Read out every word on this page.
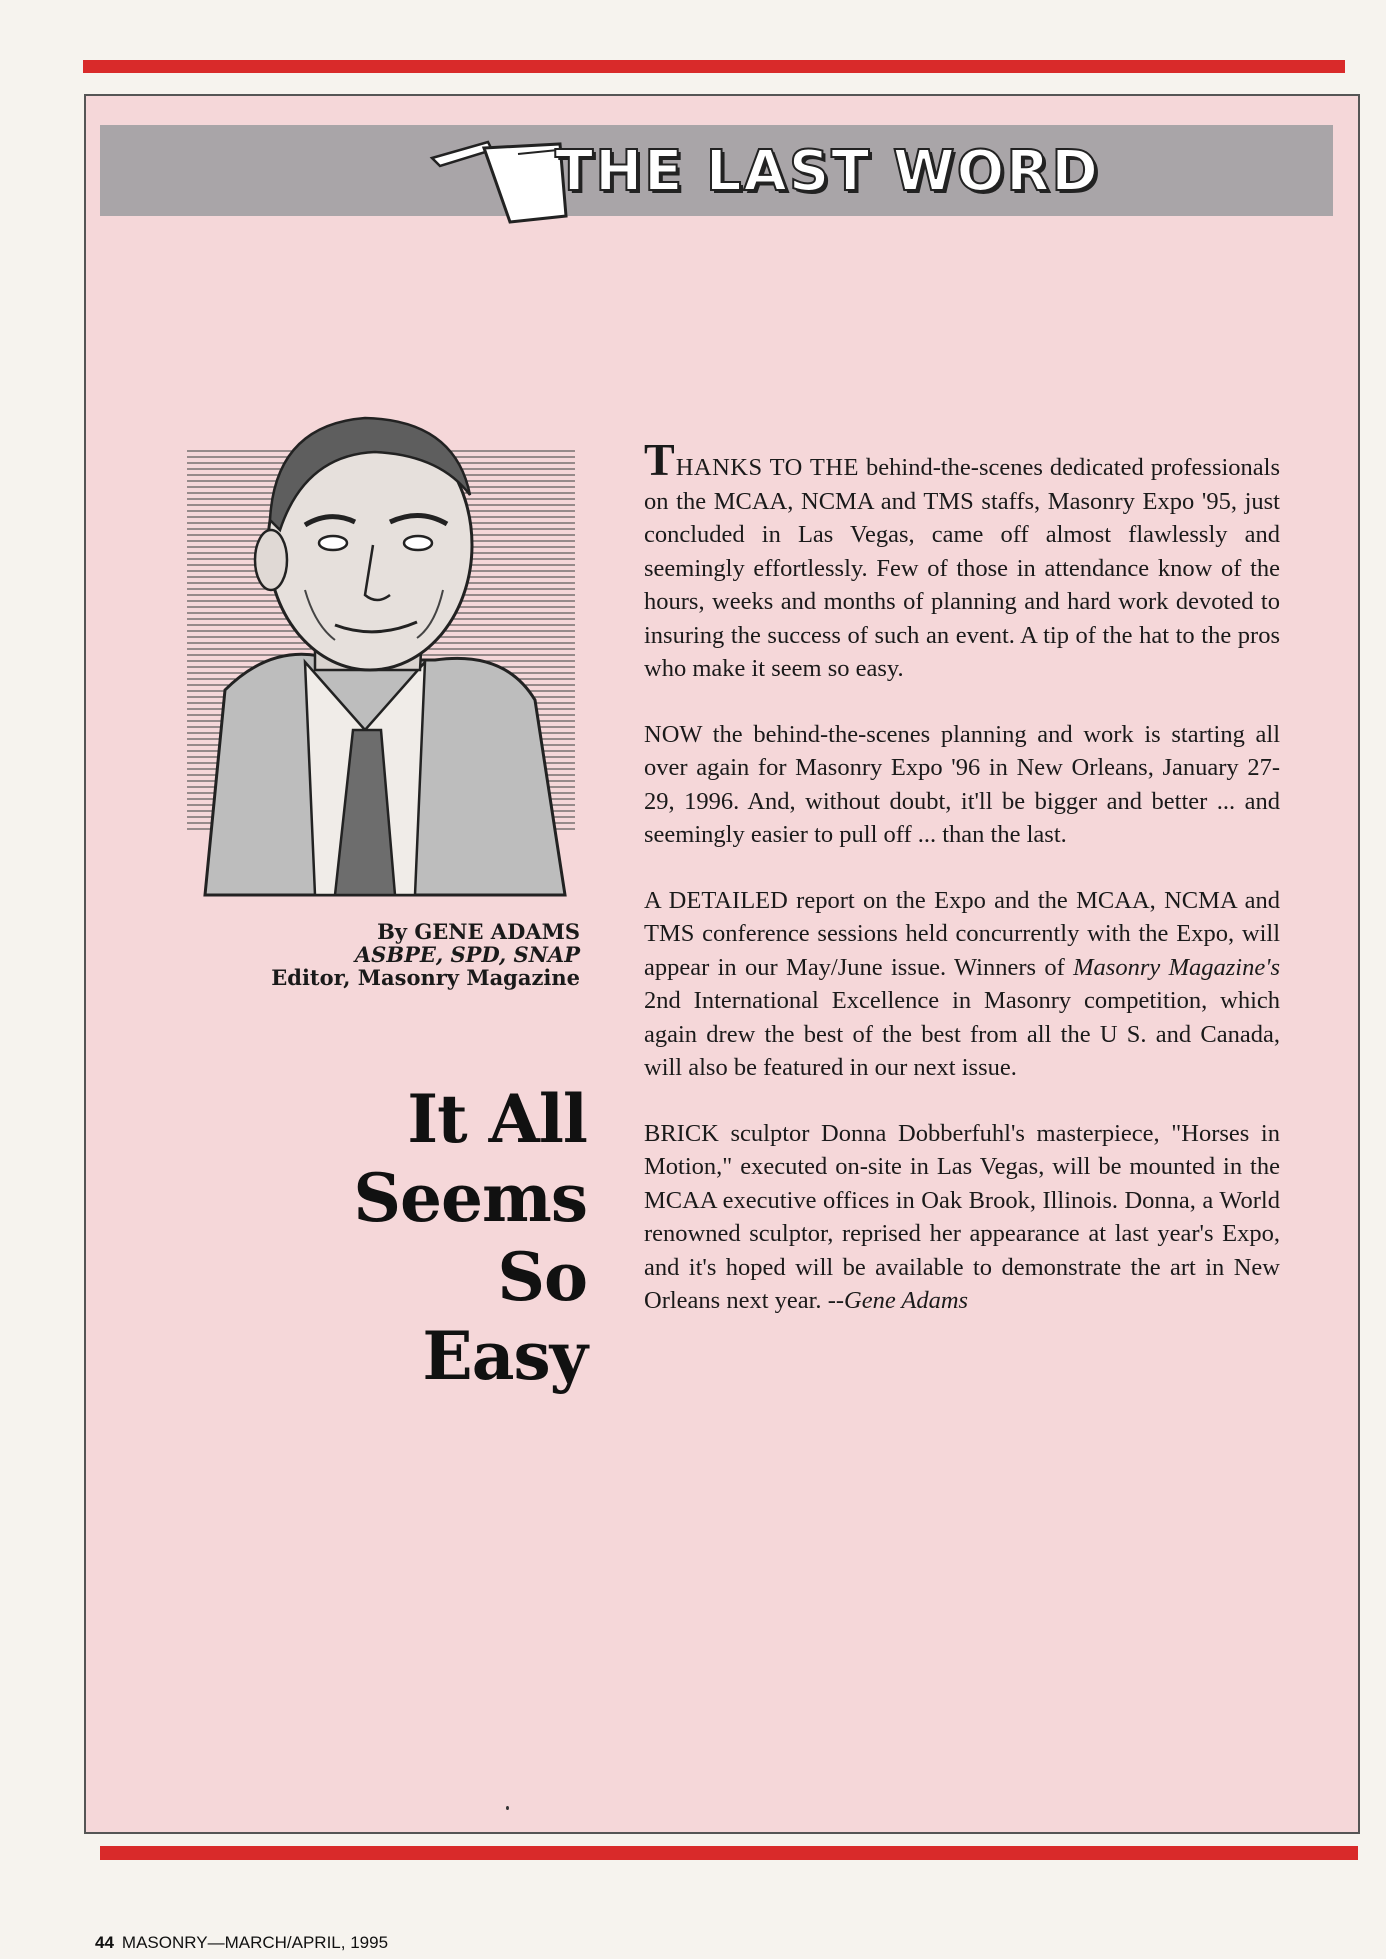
THE LAST WORD
By GENE ADAMS
ASBPE, SPD, SNAP
Editor, Masonry Magazine
It All
Seems
So
Easy

THANKS TO THE behind-the-scenes dedicated professionals on the MCAA, NCMA and TMS staffs, Masonry Expo '95, just concluded in Las Vegas, came off almost flawlessly and seemingly effortlessly. Few of those in attendance know of the hours, weeks and months of planning and hard work devoted to insuring the success of such an event. A tip of the hat to the pros who make it seem so easy.

NOW the behind-the-scenes planning and work is starting all over again for Masonry Expo '96 in New Orleans, January 27-29, 1996. And, without doubt, it'll be bigger and better ... and seemingly easier to pull off ... than the last.

A DETAILED report on the Expo and the MCAA, NCMA and TMS conference sessions held concurrently with the Expo, will appear in our May/June issue. Winners of Masonry Magazine's 2nd International Excellence in Masonry competition, which again drew the best of the best from all the U S. and Canada, will also be featured in our next issue.

BRICK sculptor Donna Dobberfuhl's masterpiece, "Horses in Motion," executed on-site in Las Vegas, will be mounted in the MCAA executive offices in Oak Brook, Illinois. Donna, a World renowned sculptor, reprised her appearance at last year's Expo, and it's hoped will be available to demonstrate the art in New Orleans next year. --Gene Adams

44 MASONRY—MARCH/APRIL, 1995
